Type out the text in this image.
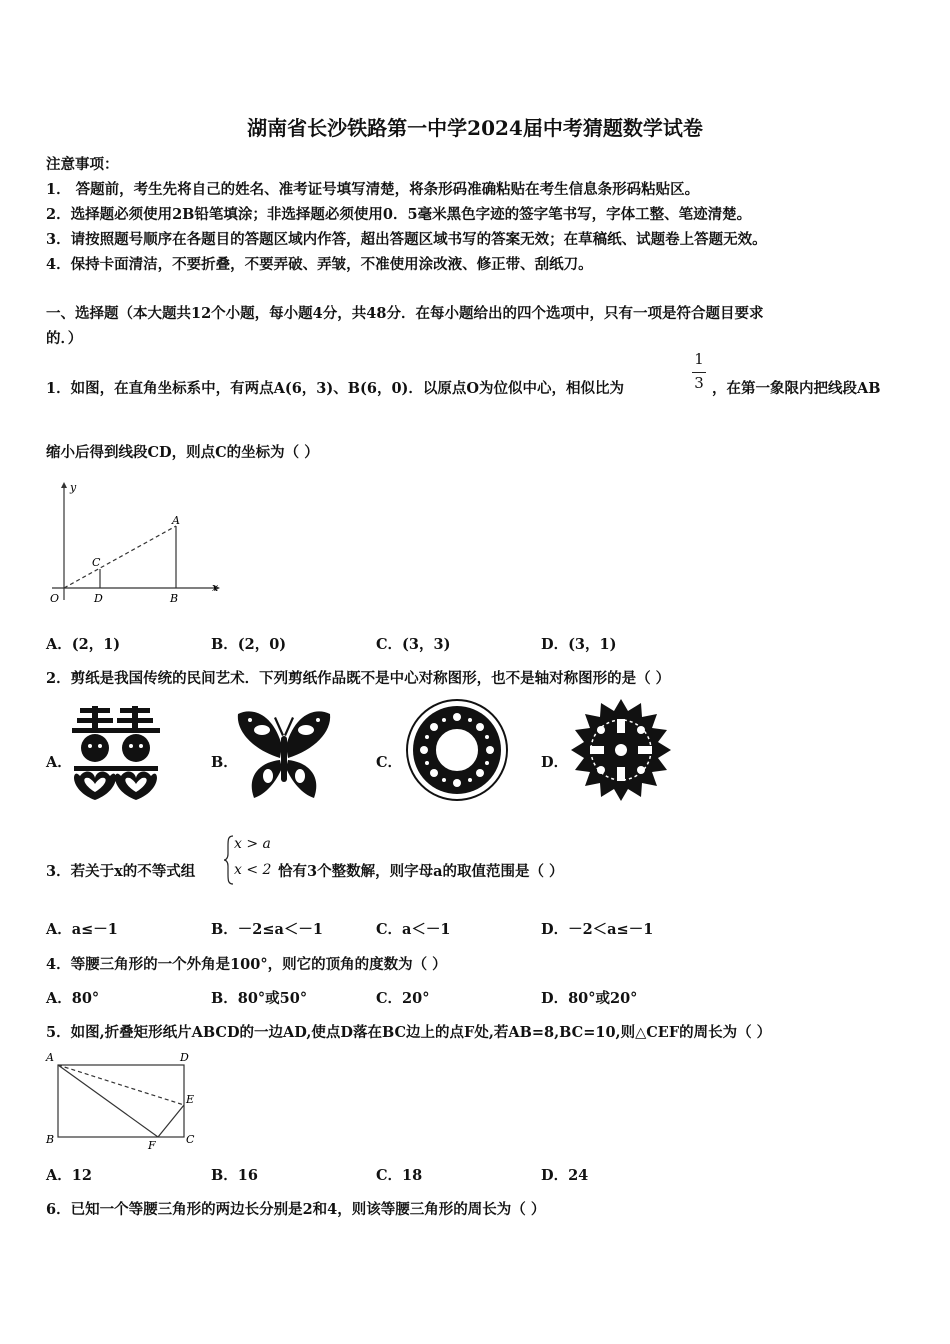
湖南省长沙铁路第一中学2024届中考猜题数学试卷
注意事项：
1． 答题前，考生先将自己的姓名、准考证号填写清楚，将条形码准确粘贴在考生信息条形码粘贴区。
2．选择题必须使用2B铅笔填涂；非选择题必须使用0．5毫米黑色字迹的签字笔书写，字体工整、笔迹清楚。
3．请按照题号顺序在各题目的答题区域内作答，超出答题区域书写的答案无效；在草稿纸、试题卷上答题无效。
4．保持卡面清洁，不要折叠，不要弄破、弄皱，不准使用涂改液、修正带、刮纸刀。
一、选择题（本大题共12个小题，每小题4分，共48分．在每小题给出的四个选项中，只有一项是符合题目要求
的．）
1．如图，在直角坐标系中，有两点A(6，3)、B(6，0)．以原点O为位似中心，相似比为
1
3 ，在第一象限内把线段AB
缩小后得到线段CD，则点C的坐标为（ ）
y
x
O
A
B
C
D
A．(2，1)	B．(2，0)	C．(3，3)	D．(3，1)
2．剪纸是我国传统的民间艺术．下列剪纸作品既不是中心对称图形，也不是轴对称图形的是（ ）
A．	B．	C．	D．
3．若关于x的不等式组
x > a
x < 2 恰有3个整数解，则字母a的取值范围是（ ）
A．a≤－1	B．－2≤a＜－1	C．a＜－1	D．－2＜a≤－1
4．等腰三角形的一个外角是100°，则它的顶角的度数为（ ）
A．80°	B．80°或50°	C．20°	D．80°或20°
5．如图,折叠矩形纸片ABCD的一边AD,使点D落在BC边上的点F处,若AB=8,BC=10,则△CEF的周长为（ ）
A	D
E
B	F	C
A．12	B．16	C．18	D．24
6．已知一个等腰三角形的两边长分别是2和4，则该等腰三角形的周长为（ ）
